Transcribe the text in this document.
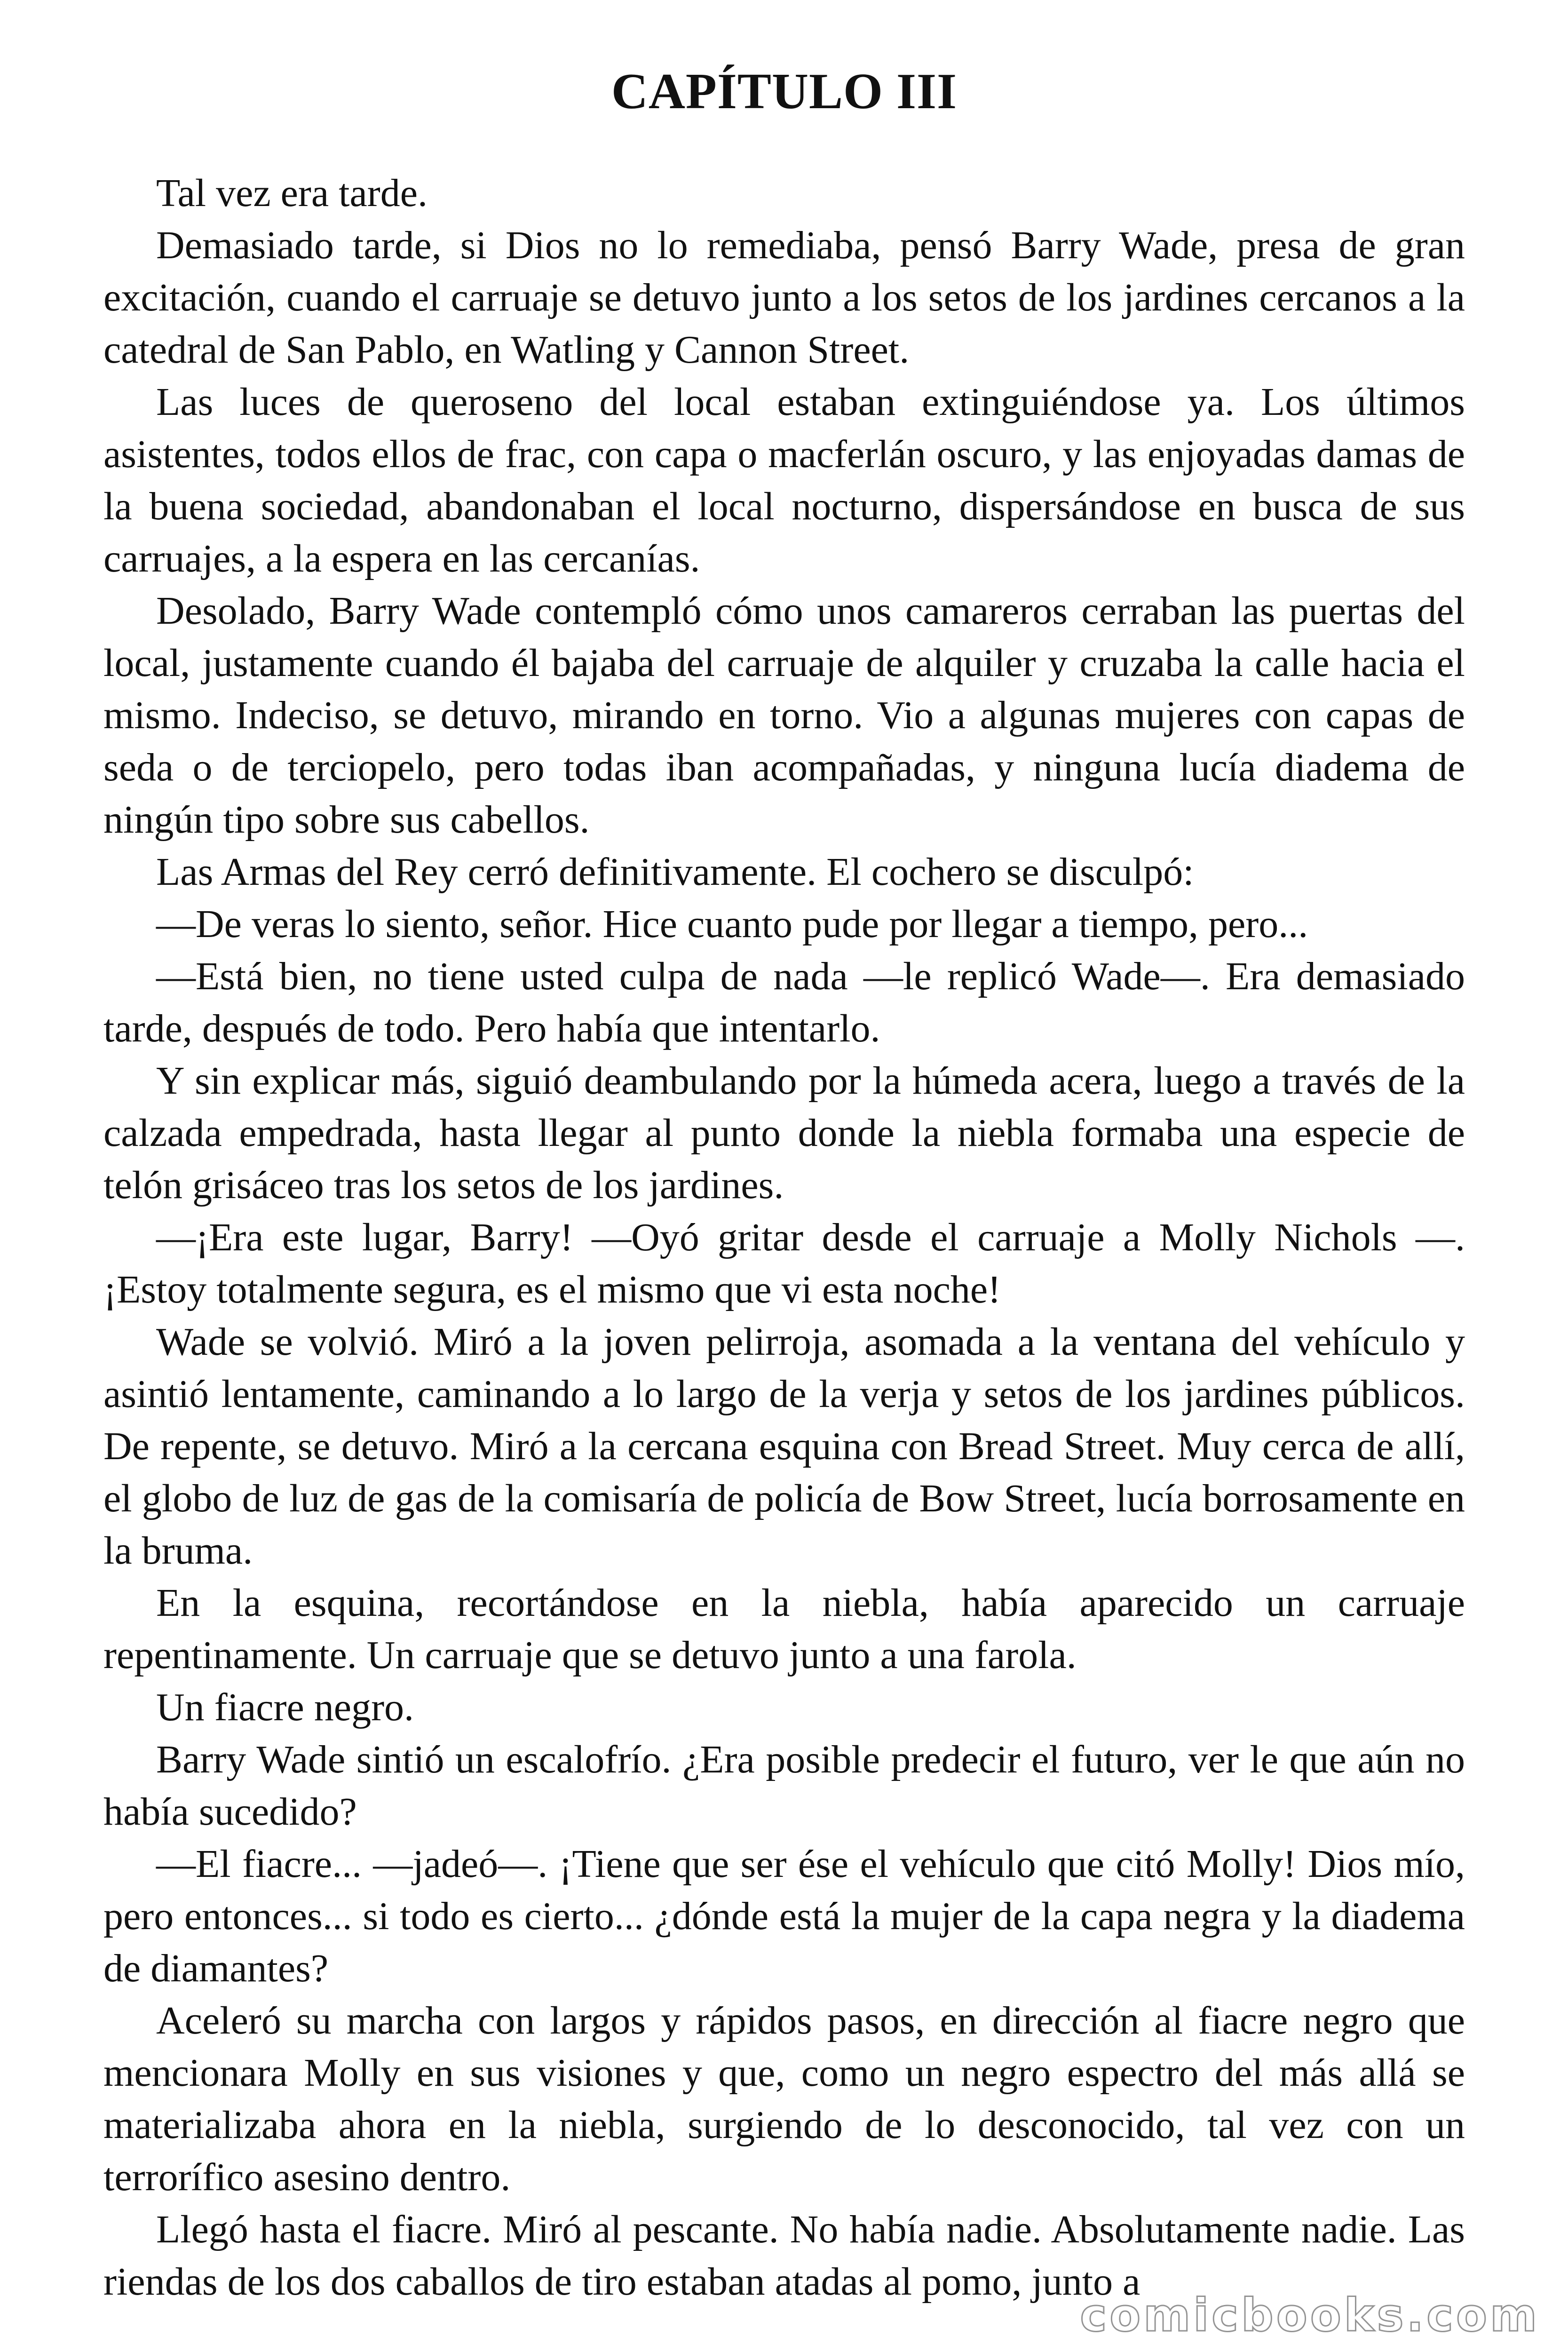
CAPÍTULO III

Tal vez era tarde.

Demasiado tarde, si Dios no lo remediaba, pensó Barry Wade, presa de gran excitación, cuando el carruaje se detuvo junto a los setos de los jardines cercanos a la catedral de San Pablo, en Watling y Cannon Street.

Las luces de queroseno del local estaban extinguiéndose ya. Los últimos asistentes, todos ellos de frac, con capa o macferlán oscuro, y las enjoyadas damas de la buena sociedad, abandonaban el local nocturno, dispersándose en busca de sus carruajes, a la espera en las cercanías.

Desolado, Barry Wade contempló cómo unos camareros cerraban las puertas del local, justamente cuando él bajaba del carruaje de alquiler y cruzaba la calle hacia el mismo. Indeciso, se detuvo, mirando en torno. Vio a algunas mujeres con capas de seda o de terciopelo, pero todas iban acompañadas, y ninguna lucía diadema de ningún tipo sobre sus cabellos.

Las Armas del Rey cerró definitivamente. El cochero se disculpó:

—De veras lo siento, señor. Hice cuanto pude por llegar a tiempo, pero...

—Está bien, no tiene usted culpa de nada —le replicó Wade—. Era demasiado tarde, después de todo. Pero había que intentarlo.

Y sin explicar más, siguió deambulando por la húmeda acera, luego a través de la calzada empedrada, hasta llegar al punto donde la niebla formaba una especie de telón grisáceo tras los setos de los jardines.

—¡Era este lugar, Barry! —Oyó gritar desde el carruaje a Molly Nichols —. ¡Estoy totalmente segura, es el mismo que vi esta noche!

Wade se volvió. Miró a la joven pelirroja, asomada a la ventana del vehículo y asintió lentamente, caminando a lo largo de la verja y setos de los jardines públicos. De repente, se detuvo. Miró a la cercana esquina con Bread Street. Muy cerca de allí, el globo de luz de gas de la comisaría de policía de Bow Street, lucía borrosamente en la bruma.

En la esquina, recortándose en la niebla, había aparecido un carruaje repentinamente. Un carruaje que se detuvo junto a una farola.

Un fiacre negro.

Barry Wade sintió un escalofrío. ¿Era posible predecir el futuro, ver le que aún no había sucedido?

—El fiacre... —jadeó—. ¡Tiene que ser ése el vehículo que citó Molly! Dios mío, pero entonces... si todo es cierto... ¿dónde está la mujer de la capa negra y la diadema de diamantes?

Aceleró su marcha con largos y rápidos pasos, en dirección al fiacre negro que mencionara Molly en sus visiones y que, como un negro espectro del más allá se materializaba ahora en la niebla, surgiendo de lo desconocido, tal vez con un terrorífico asesino dentro.

Llegó hasta el fiacre. Miró al pescante. No había nadie. Absolutamente nadie. Las riendas de los dos caballos de tiro estaban atadas al pomo, junto a

comicbooks.com
